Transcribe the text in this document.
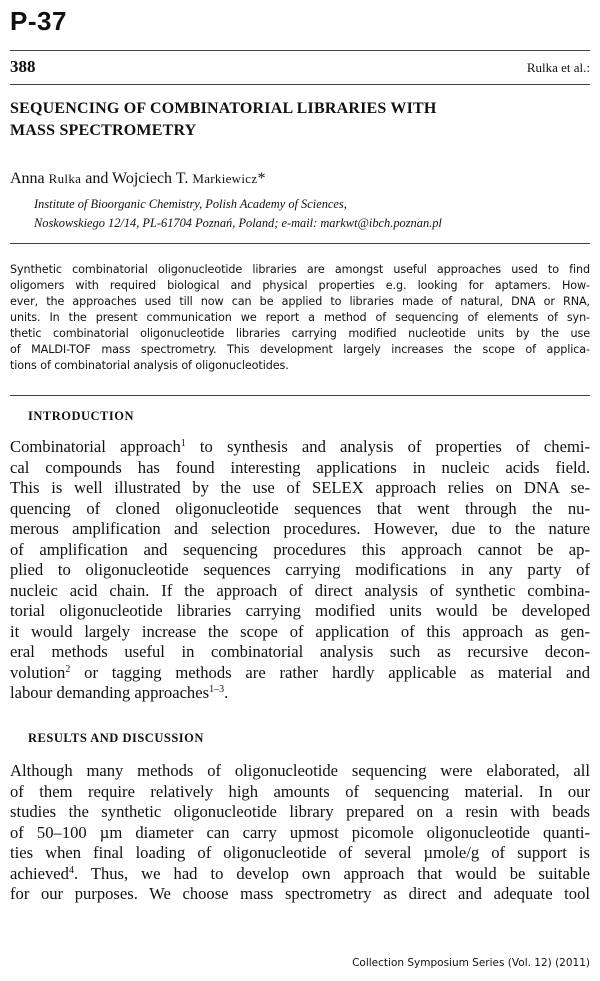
P-37
388	Rulka et al.:
SEQUENCING OF COMBINATORIAL LIBRARIES WITH
MASS SPECTROMETRY
Anna Rulka and Wojciech T. Markiewicz*
Institute of Bioorganic Chemistry, Polish Academy of Sciences,
Noskowskiego 12/14, PL-61704 Poznań, Poland; e-mail: markwt@ibch.poznan.pl
Synthetic combinatorial oligonucleotide libraries are amongst useful approaches used to find
oligomers with required biological and physical properties e.g. looking for aptamers. How-
ever, the approaches used till now can be applied to libraries made of natural, DNA or RNA,
units. In the present communication we report a method of sequencing of elements of syn-
thetic combinatorial oligonucleotide libraries carrying modified nucleotide units by the use
of MALDI-TOF mass spectrometry. This development largely increases the scope of applica-
tions of combinatorial analysis of oligonucleotides.
INTRODUCTION
Combinatorial approach$^1$ to synthesis and analysis of properties of chemi-
cal compounds has found interesting applications in nucleic acids field.
This is well illustrated by the use of SELEX approach relies on DNA se-
quencing of cloned oligonucleotide sequences that went through the nu-
merous amplification and selection procedures. However, due to the nature
of amplification and sequencing procedures this approach cannot be ap-
plied to oligonucleotide sequences carrying modifications in any party of
nucleic acid chain. If the approach of direct analysis of synthetic combina-
torial oligonucleotide libraries carrying modified units would be developed
it would largely increase the scope of application of this approach as gen-
eral methods useful in combinatorial analysis such as recursive decon-
volution$^2$ or tagging methods are rather hardly applicable as material and
labour demanding approaches$^{1-3}$.
RESULTS AND DISCUSSION
Although many methods of oligonucleotide sequencing were elaborated, all
of them require relatively high amounts of sequencing material. In our
studies the synthetic oligonucleotide library prepared on a resin with beads
of 50–100 µm diameter can carry upmost picomole oligonucleotide quanti-
ties when final loading of oligonucleotide of several µmole/g of support is
achieved$^4$. Thus, we had to develop own approach that would be suitable
for our purposes. We choose mass spectrometry as direct and adequate tool
Collection Symposium Series (Vol. 12) (2011)
